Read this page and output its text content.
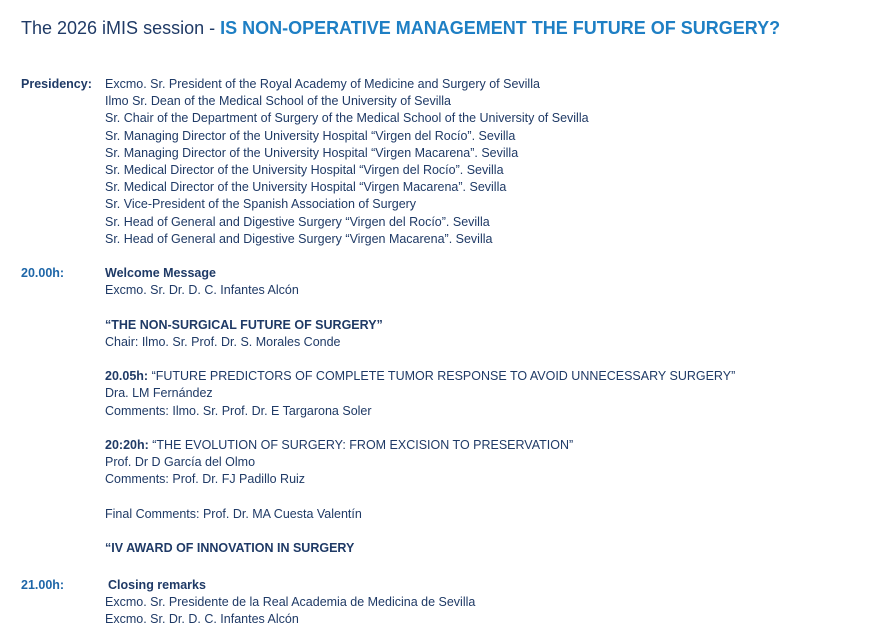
The 2026 iMIS session - IS NON-OPERATIVE MANAGEMENT THE FUTURE OF SURGERY?
Presidency: Excmo. Sr. President of the Royal Academy of Medicine and Surgery of Sevilla
Ilmo Sr. Dean of the Medical School of the University of Sevilla
Sr. Chair of the Department of Surgery of the Medical School of the University of Sevilla
Sr. Managing Director of the University Hospital “Virgen del Rocío”. Sevilla
Sr. Managing Director of the University Hospital “Virgen Macarena”. Sevilla
Sr. Medical Director of the University Hospital “Virgen del Rocío”. Sevilla
Sr. Medical Director of the University Hospital “Virgen Macarena”. Sevilla
Sr. Vice-President of the Spanish Association of Surgery
Sr. Head of General and Digestive Surgery “Virgen del Rocío”. Sevilla
Sr. Head of General and Digestive Surgery “Virgen Macarena”. Sevilla
20.00h:	Welcome Message
Excmo. Sr. Dr. D. C. Infantes Alcón
“THE NON-SURGICAL FUTURE OF SURGERY”
Chair: Ilmo. Sr. Prof. Dr. S. Morales Conde
20.05h: “FUTURE PREDICTORS OF COMPLETE TUMOR RESPONSE TO AVOID UNNECESSARY SURGERY”
Dra. LM Fernández
Comments: Ilmo. Sr. Prof. Dr. E Targarona Soler
20:20h: “THE EVOLUTION OF SURGERY: FROM EXCISION TO PRESERVATION”
Prof. Dr D García del Olmo
Comments: Prof. Dr. FJ Padillo Ruiz
Final Comments: Prof. Dr. MA Cuesta Valentín
“IV AWARD OF INNOVATION IN SURGERY
21.00h:	Closing remarks
Excmo. Sr. Presidente de la Real Academia de Medicina de Sevilla
Excmo. Sr. Dr. D. C. Infantes Alcón
